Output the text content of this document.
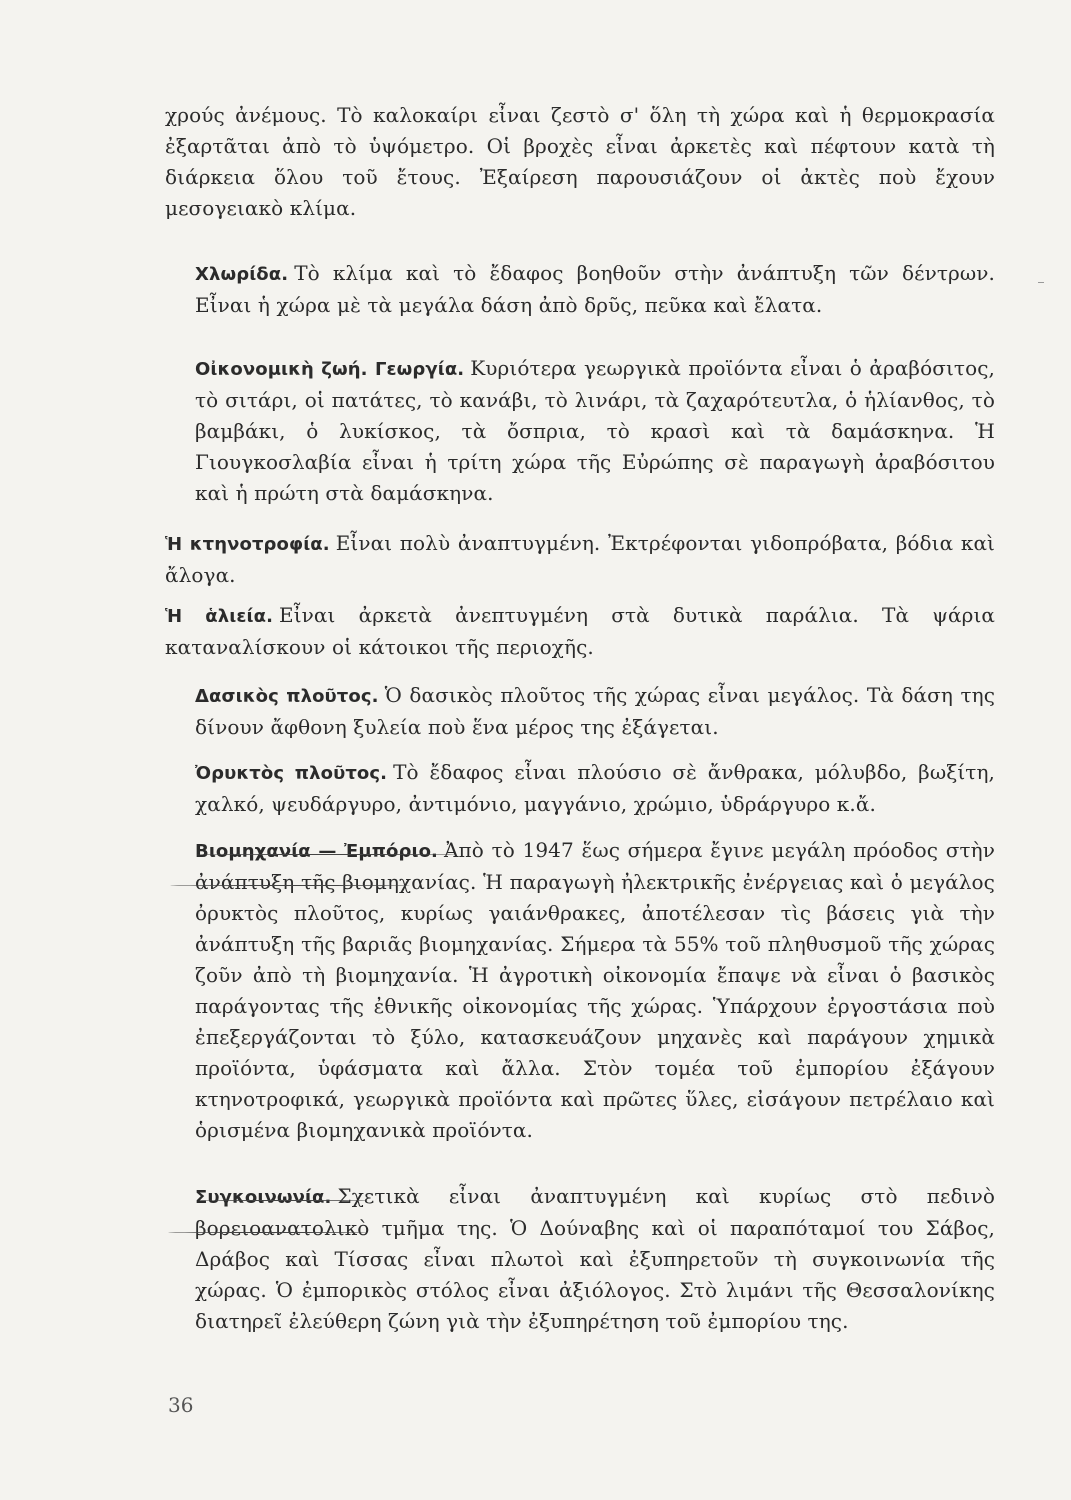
χρούς ἀνέμους. Τὸ καλοκαίρι εἶναι ζεστὸ σ' ὅλη τὴ χώρα καὶ ἡ θερμοκρασία ἐξαρτᾶται ἀπὸ τὸ ὑψόμετρο. Οἱ βροχὲς εἶναι ἀρκετὲς καὶ πέφτουν κατὰ τὴ διάρκεια ὅλου τοῦ ἔτους. Ἐξαίρεση παρουσιάζουν οἱ ἀκτὲς ποὺ ἔχουν μεσογειακὸ κλίμα.

Χλωρίδα. Τὸ κλίμα καὶ τὸ ἔδαφος βοηθοῦν στὴν ἀνάπτυξη τῶν δέντρων. Εἶναι ἡ χώρα μὲ τὰ μεγάλα δάση ἀπὸ δρῦς, πεῦκα καὶ ἔλατα.

Οἰκονομικὴ ζωή. Γεωργία. Κυριότερα γεωργικὰ προϊόντα εἶναι ὁ ἀραβόσιτος, τὸ σιτάρι, οἱ πατάτες, τὸ κανάβι, τὸ λινάρι, τὰ ζαχαρότευτλα, ὁ ἡλίανθος, τὸ βαμβάκι, ὁ λυκίσκος, τὰ ὄσπρια, τὸ κρασὶ καὶ τὰ δαμάσκηνα. Ἡ Γιουγκοσλαβία εἶναι ἡ τρίτη χώρα τῆς Εὐρώπης σὲ παραγωγὴ ἀραβόσιτου καὶ ἡ πρώτη στὰ δαμάσκηνα.

Ἡ κτηνοτροφία. Εἶναι πολὺ ἀναπτυγμένη. Ἐκτρέφονται γιδοπρόβατα, βόδια καὶ ἄλογα.

Ἡ ἁλιεία. Εἶναι ἀρκετὰ ἀνεπτυγμένη στὰ δυτικὰ παράλια. Τὰ ψάρια καταναλίσκουν οἱ κάτοικοι τῆς περιοχῆς.

Δασικὸς πλοῦτος. Ὁ δασικὸς πλοῦτος τῆς χώρας εἶναι μεγάλος. Τὰ δάση της δίνουν ἄφθονη ξυλεία ποὺ ἕνα μέρος της ἐξάγεται.

Ὀρυκτὸς πλοῦτος. Τὸ ἔδαφος εἶναι πλούσιο σὲ ἄνθρακα, μόλυβδο, βωξίτη, χαλκό, ψευδάργυρο, ἀντιμόνιο, μαγγάνιο, χρώμιο, ὑδράργυρο κ.ἄ.

Βιομηχανία — Ἐμπόριο. Ἀπὸ τὸ 1947 ἕως σήμερα ἔγινε μεγάλη πρόοδος στὴν ἀνάπτυξη τῆς βιομηχανίας. Ἡ παραγωγὴ ἠλεκτρικῆς ἐνέργειας καὶ ὁ μεγάλος ὀρυκτὸς πλοῦτος, κυρίως γαιάνθρακες, ἀποτέλεσαν τὶς βάσεις γιὰ τὴν ἀνάπτυξη τῆς βαριᾶς βιομηχανίας. Σήμερα τὰ 55% τοῦ πληθυσμοῦ τῆς χώρας ζοῦν ἀπὸ τὴ βιομηχανία. Ἡ ἀγροτικὴ οἰκονομία ἔπαψε νὰ εἶναι ὁ βασικὸς παράγοντας τῆς ἐθνικῆς οἰκονομίας τῆς χώρας. Ὑπάρχουν ἐργοστάσια ποὺ ἐπεξεργάζονται τὸ ξύλο, κατασκευάζουν μηχανὲς καὶ παράγουν χημικὰ προϊόντα, ὑφάσματα καὶ ἄλλα. Στὸν τομέα τοῦ ἐμπορίου ἐξάγουν κτηνοτροφικά, γεωργικὰ προϊόντα καὶ πρῶτες ὕλες, εἰσάγουν πετρέλαιο καὶ ὁρισμένα βιομηχανικὰ προϊόντα.

Συγκοινωνία. Σχετικὰ εἶναι ἀναπτυγμένη καὶ κυρίως στὸ πεδινὸ βορειοανατολικὸ τμῆμα της. Ὁ Δούναβης καὶ οἱ παραπόταμοί του Σάβος, Δράβος καὶ Τίσσας εἶναι πλωτοὶ καὶ ἐξυπηρετοῦν τὴ συγκοινωνία τῆς χώρας. Ὁ ἐμπορικὸς στόλος εἶναι ἀξιόλογος. Στὸ λιμάνι τῆς Θεσσαλονίκης διατηρεῖ ἐλεύθερη ζώνη γιὰ τὴν ἐξυπηρέτηση τοῦ ἐμπορίου της.

36
